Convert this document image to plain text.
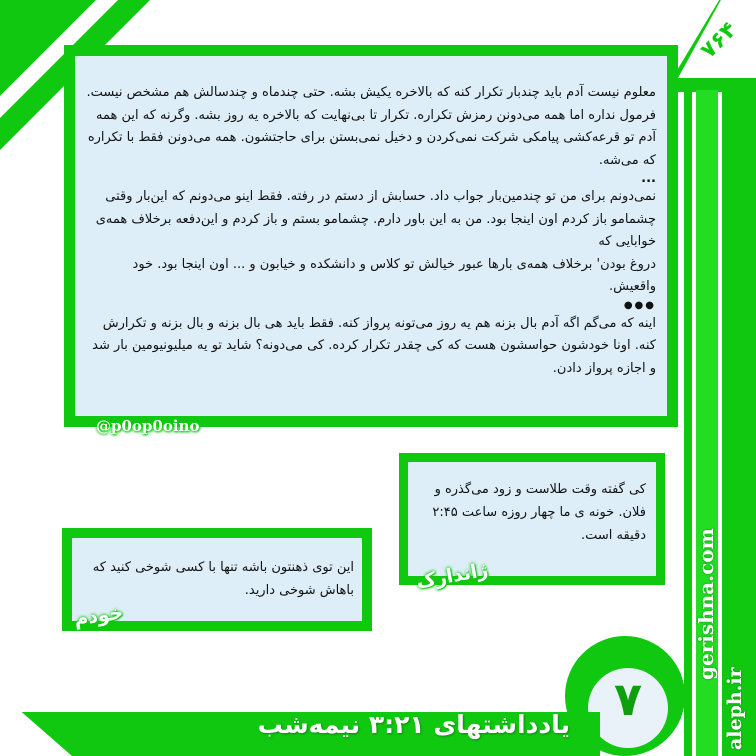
۷۶۴

معلوم نیست آدم باید چندبار تکرار کنه که بالاخره یکیش بشه. حتی چندماه و چندسالش هم مشخص نیست. فرمول نداره اما همه می‌دونن رمزش تکراره. تکرار تا بی‌نهایت که بالاخره یه روز بشه. وگرنه که این همه آدم تو قرعه‌کشی پیامکی شرکت نمی‌کردن و دخیل نمی‌بستن برای حاجتشون. همه می‌دونن فقط با تکراره که می‌شه.

...

نمی‌دونم برای من تو چندمین‌بار جواب داد. حسابش از دستم در رفته. فقط اینو می‌دونم که این‌بار وقتی چشمامو باز کردم اون اینجا بود. من به این باور دارم. چشمامو بستم و باز کردم و این‌دفعه برخلاف همه‌ی خوابایی که

دروغ بودن' برخلاف همه‌ی بارها عبور خیالش تو کلاس و دانشکده و خیابون و ... اون اینجا بود. خود واقعیش.

●●●

اینه که می‌گم اگه آدم بال بزنه هم یه روز می‌تونه پرواز کنه. فقط باید هی بال بزنه و بال بزنه و تکرارش کنه. اونا خودشون حواسشون هست که کی چقدر تکرار کرده. کی می‌دونه؟ شاید تو یه میلیونیومین بار شد و اجازه پرواز دادن.

@p0op0oino
کی گفته وقت طلاست و زود می‌گذره و فلان. خونه ی ما چهار روزه ساعت ۲:۴۵ دقیقه است.
ژاندارک
این توی ذهنتون باشه تنها با کسی شوخی کنید که باهاش شوخی دارید.
خودم
۷
یادداشتهای ۳:۲۱ نیمه‌شب
gerishna.com
aleph.ir
